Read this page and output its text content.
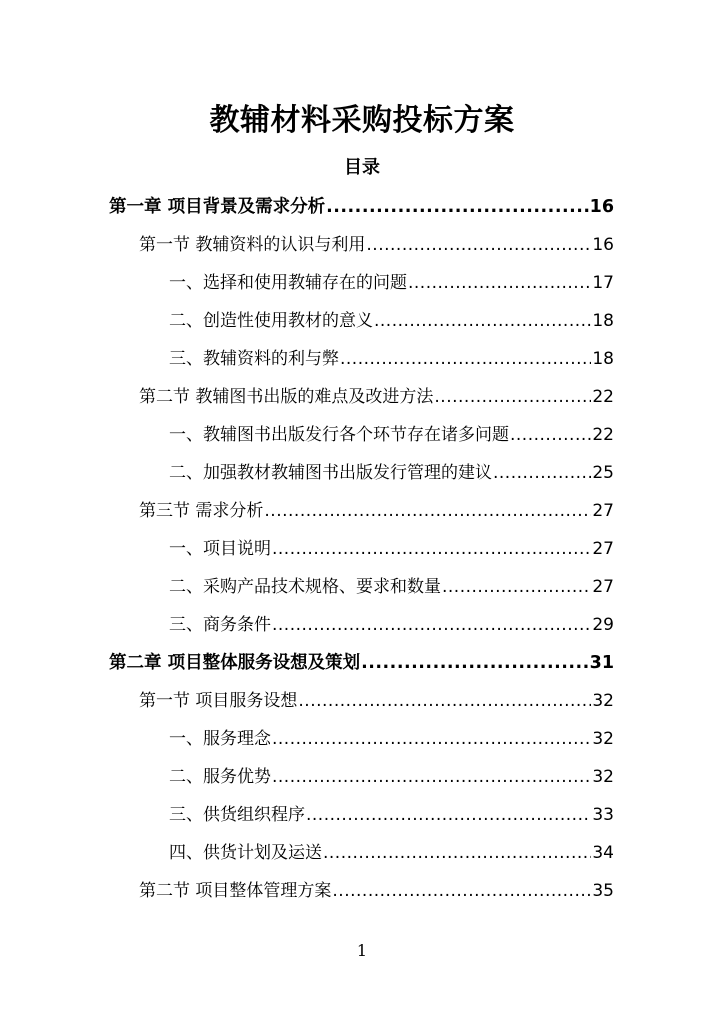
教辅材料采购投标方案
目录
第一章 项目背景及需求分析 .....	16
第一节 教辅资料的认识与利用 .....	16
一、选择和使用教辅存在的问题 .....	17
二、创造性使用教材的意义 .....	18
三、教辅资料的利与弊 .....	18
第二节 教辅图书出版的难点及改进方法 .....	22
一、教辅图书出版发行各个环节存在诸多问题 .....	22
二、加强教材教辅图书出版发行管理的建议 .....	25
第三节 需求分析 .....	27
一、项目说明 .....	27
二、采购产品技术规格、要求和数量 .....	27
三、商务条件 .....	29
第二章 项目整体服务设想及策划 .....	31
第一节 项目服务设想 .....	32
一、服务理念 .....	32
二、服务优势 .....	32
三、供货组织程序 .....	33
四、供货计划及运送 .....	34
第二节 项目整体管理方案 .....	35
1
